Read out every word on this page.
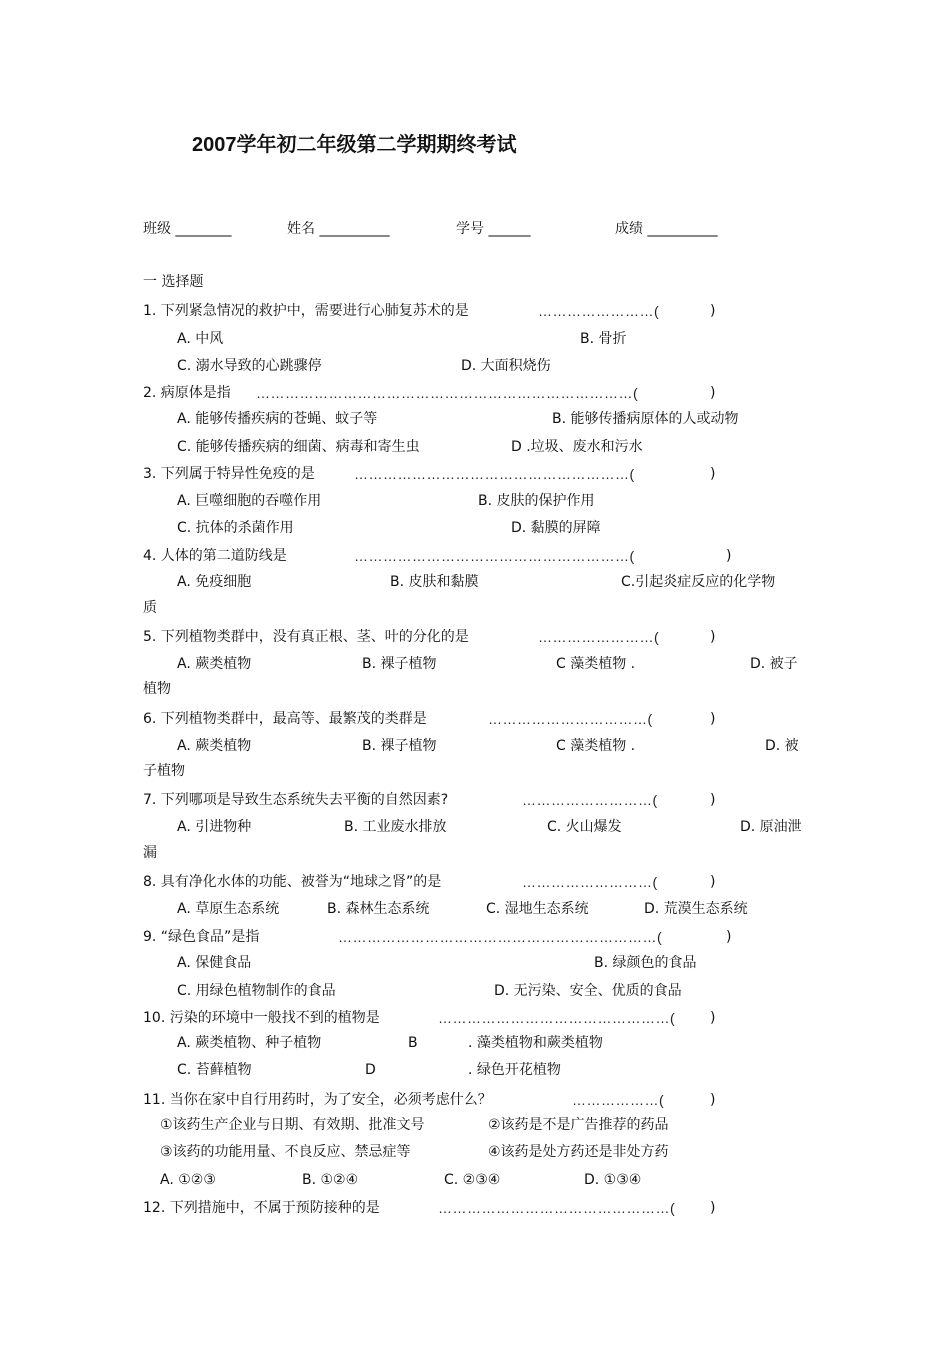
2007学年初二年级第二学期期终考试
班级 ________	姓名 __________	学号 ______	成绩 __________
一 选择题
1. 下列紧急情况的救护中，需要进行心肺复苏术的是	……………………(	)
A. 中风	B. 骨折
C. 溺水导致的心跳骤停	D. 大面积烧伤
2. 病原体是指 ……………………………………………………………………(	)
A. 能够传播疾病的苍蝇、蚊子等	B. 能够传播病原体的人或动物
C. 能够传播疾病的细菌、病毒和寄生虫	D .垃圾、废水和污水
3. 下列属于特异性免疫的是	…………………………………………………(	)
A. 巨噬细胞的吞噬作用	B. 皮肤的保护作用
C. 抗体的杀菌作用	D. 黏膜的屏障
4. 人体的第二道防线是	…………………………………………………(	)
A. 免疫细胞	B. 皮肤和黏膜	C.引起炎症反应的化学物
质
5. 下列植物类群中，没有真正根、茎、叶的分化的是	……………………(	)
A. 蕨类植物	B. 裸子植物	C 藻类植物 .	D. 被子
植物
6. 下列植物类群中，最高等、最繁茂的类群是	……………………………(	)
A. 蕨类植物	B. 裸子植物	C 藻类植物 .	D. 被
子植物
7. 下列哪项是导致生态系统失去平衡的自然因素?	………………………(	)
A. 引进物种	B. 工业废水排放	C. 火山爆发	D. 原油泄
漏
8. 具有净化水体的功能、被誉为“地球之肾”的是	………………………(	)
A. 草原生态系统	B. 森林生态系统	C. 湿地生态系统	D. 荒漠生态系统
9. “绿色食品”是指	…………………………………………………………(	)
A. 保健食品	B. 绿颜色的食品
C. 用绿色植物制作的食品	D. 无污染、安全、优质的食品
10. 污染的环境中一般找不到的植物是	…………………………………………( )
A. 蕨类植物、种子植物	B	. 藻类植物和蕨类植物
C. 苔藓植物	D	. 绿色开花植物
11. 当你在家中自行用药时，为了安全，必须考虑什么？	………………(	)
①该药生产企业与日期、有效期、批准文号	②该药是不是广告推荐的药品
③该药的功能用量、不良反应、禁忌症等	④该药是处方药还是非处方药
A. ①②③	B. ①②④	C. ②③④	D. ①③④
12. 下列措施中，不属于预防接种的是	…………………………………………( )
